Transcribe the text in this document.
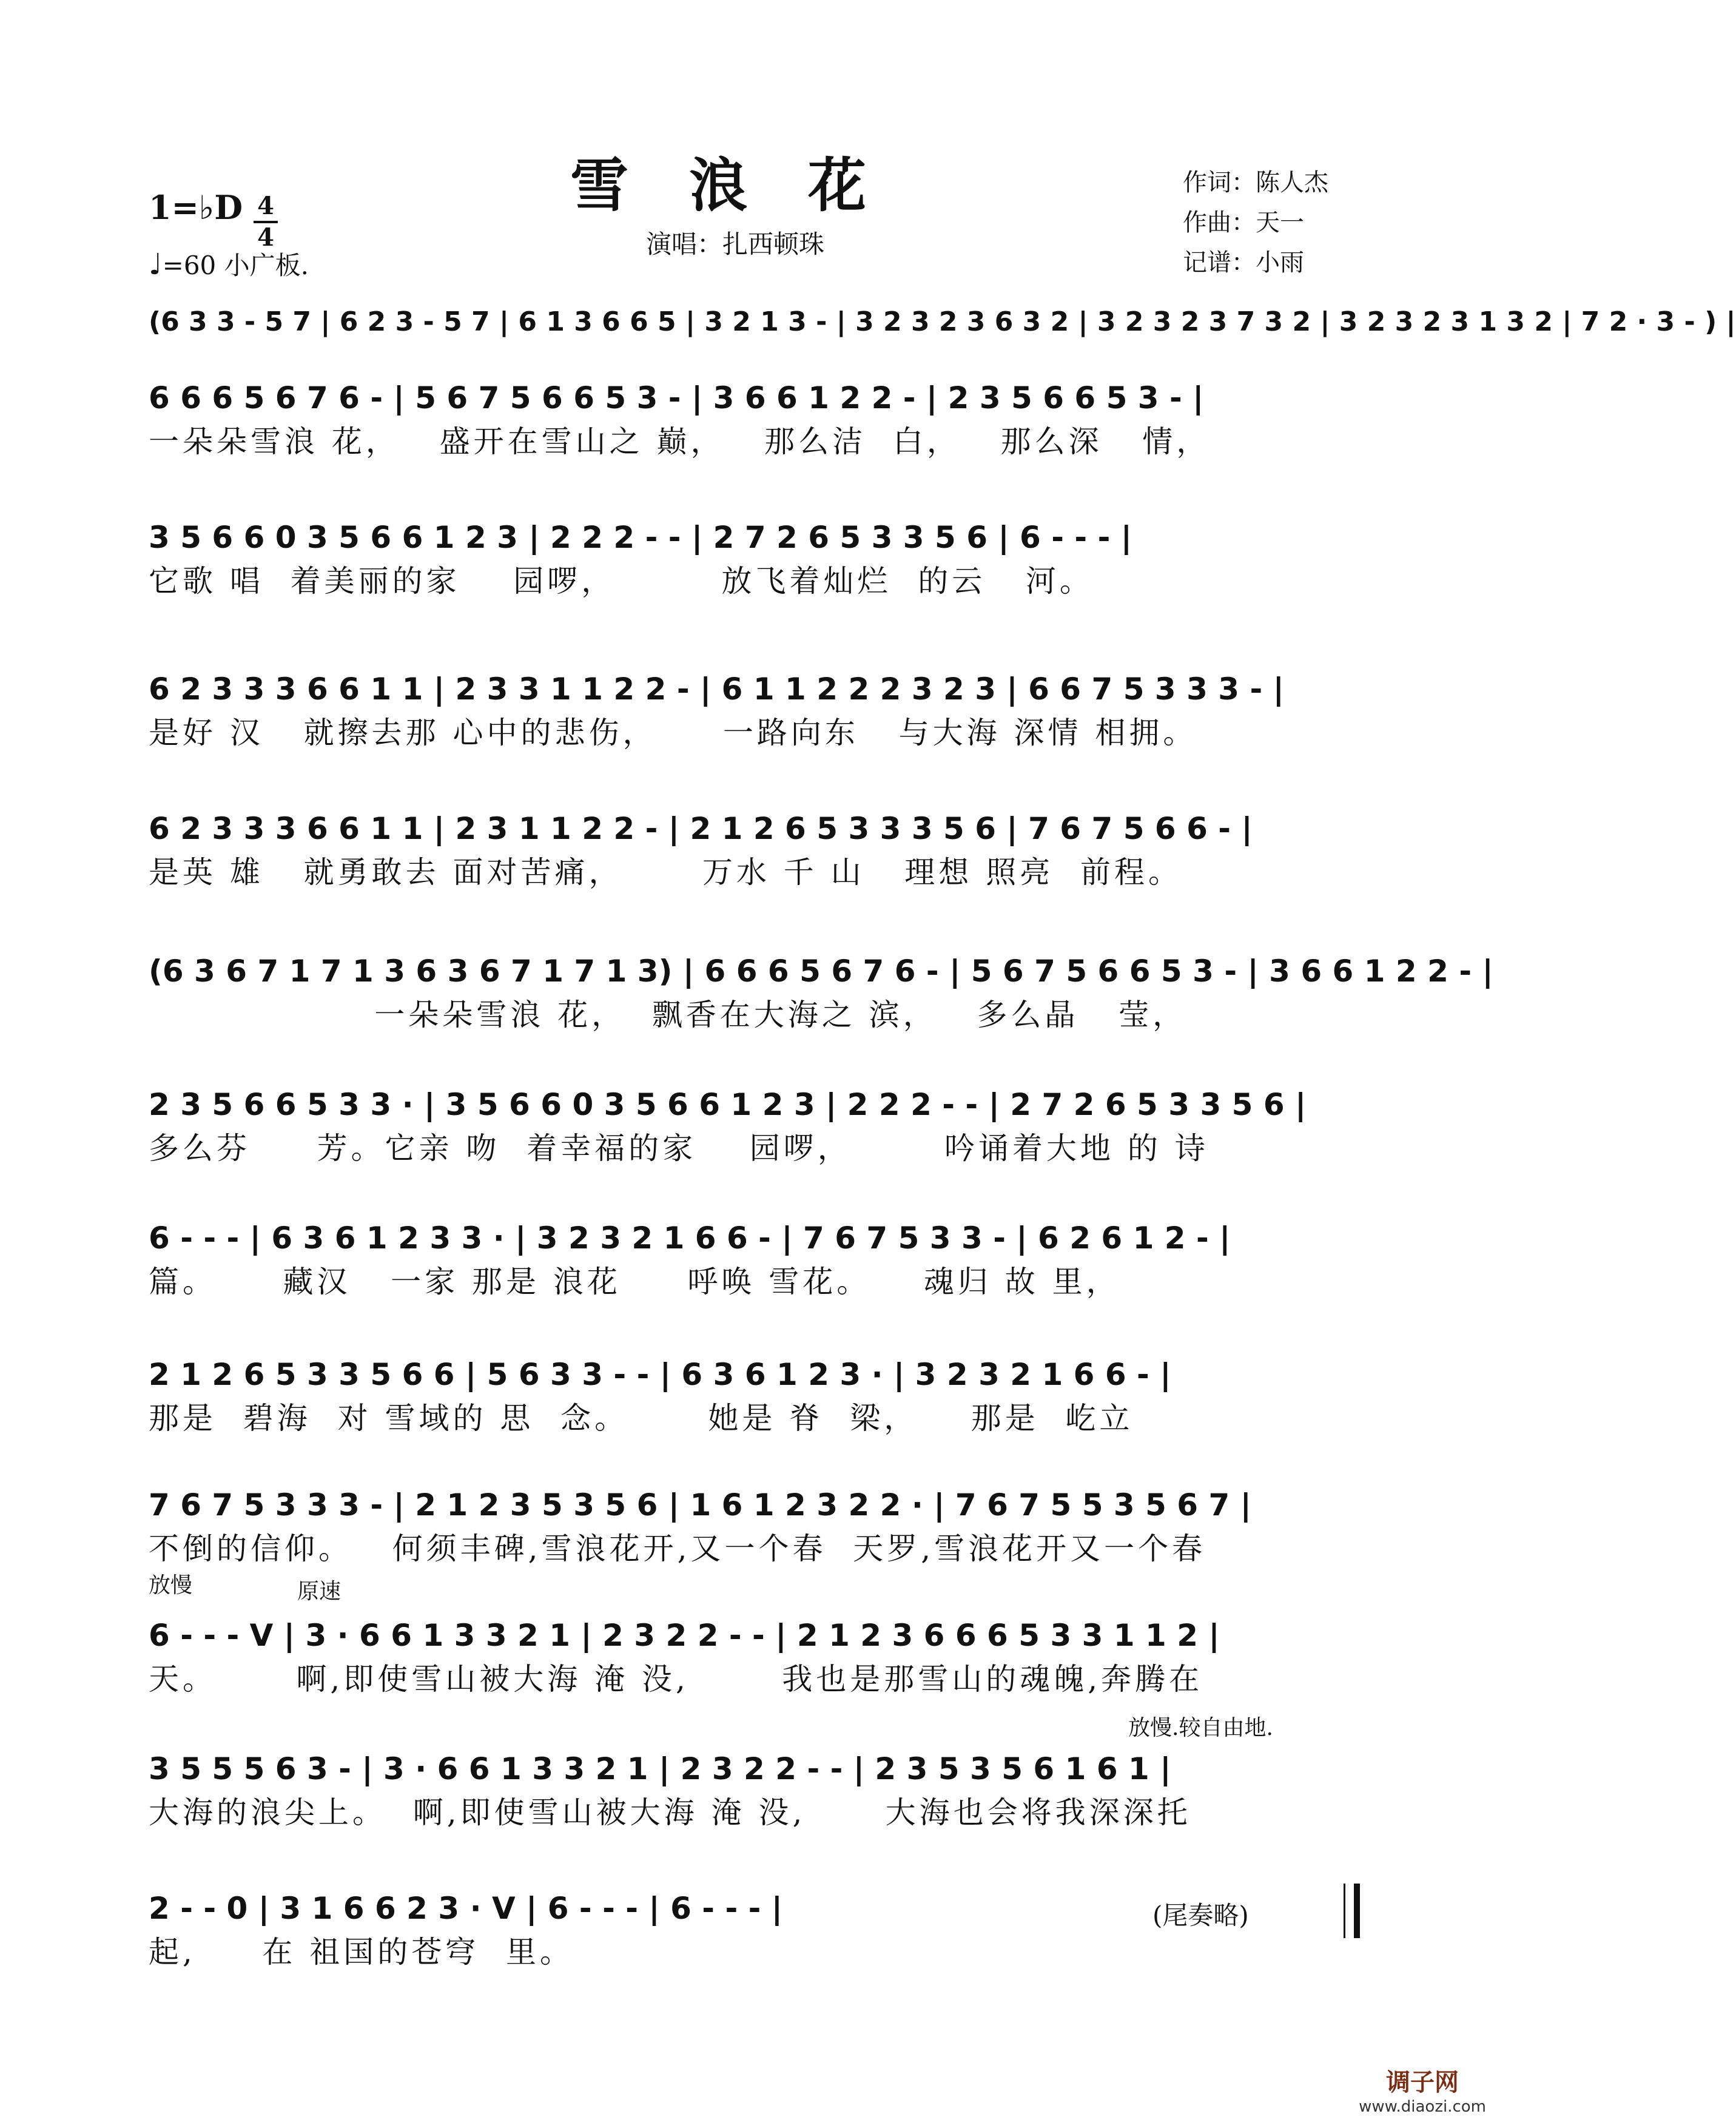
雪浪花
1=♭D 4
4
♩=60 小广板.
演唱：扎西顿珠
作词：陈人杰
作曲：天一
记谱：小雨
(6 3 3 - 5 7 | 6 2 3 - 5 7 | 6 1 3 6 6 5 | 3 2 1 3 - | 3 2 3 2 3 6 3 2 | 3 2 3 2 3 7 3 2 | 3 2 3 2 3 1 3 2 | 7 2 · 3 - ) |
6 6 6 5 6 7 6 - | 5 6 7 5 6 6 5 3 - | 3 6 6 1 2 2 - | 2 3 5 6 6 5 3 - |
一朵朵雪浪 花，   盛开在雪山之 巅，   那么洁  白，   那么深   情，
3 5 6 6 0 3 5 6 6 1 2 3 | 2 2 2 - - | 2 7 2 6 5 3 3 5 6 | 6 - - - |
它歌 唱  着美丽的家    园啰，        放飞着灿烂  的云   河。
6 2 3 3 3 6 6 1 1 | 2 3 3 1 1 2 2 - | 6 1 1 2 2 2 3 2 3 | 6 6 7 5 3 3 3 - |
是好 汉   就擦去那 心中的悲伤，     一路向东   与大海 深情 相拥。
6 2 3 3 3 6 6 1 1 | 2 3 1 1 2 2 - | 2 1 2 6 5 3 3 3 5 6 | 7 6 7 5 6 6 - |
是英 雄   就勇敢去 面对苦痛，      万水 千 山   理想 照亮  前程。
(6 3 6 7 1 7 1 3 6 3 6 7 1 7 1 3) | 6 6 6 5 6 7 6 - | 5 6 7 5 6 6 5 3 - | 3 6 6 1 2 2 - |
一朵朵雪浪 花，  飘香在大海之 滨，   多么晶   莹，
2 3 5 6 6 5 3 3 · | 3 5 6 6 0 3 5 6 6 1 2 3 | 2 2 2 - - | 2 7 2 6 5 3 3 5 6 |
多么芬     芳。它亲 吻  着幸福的家    园啰，       吟诵着大地 的 诗
6 - - - | 6 3 6 1 2 3 3 · | 3 2 3 2 1 6 6 - | 7 6 7 5 3 3 - | 6 2 6 1 2 - |
篇。     藏汉   一家 那是 浪花     呼唤 雪花。    魂归 故 里，
2 1 2 6 5 3 3 5 6 6 | 5 6 3 3 - - | 6 3 6 1 2 3 · | 3 2 3 2 1 6 6 - |
那是  碧海  对 雪域的 思  念。      她是 脊  梁，    那是  屹立
7 6 7 5 3 3 3 - | 2 1 2 3 5 3 5 6 | 1 6 1 2 3 2 2 · | 7 6 7 5 5 3 5 6 7 |
不倒的信仰。   何须丰碑,雪浪花开,又一个春  天罗,雪浪花开又一个春
放慢	原速
6 - - - V | 3 · 6 6 1 3 3 2 1 | 2 3 2 2 - - | 2 1 2 3 6 6 6 5 3 3 1 1 2 |
天。      啊,即使雪山被大海 淹 没,       我也是那雪山的魂魄,奔腾在
放慢.较自由地.
3 5 5 5 6 3 - | 3 · 6 6 1 3 3 2 1 | 2 3 2 2 - - | 2 3 5 3 5 6 1 6 1 |
大海的浪尖上。  啊,即使雪山被大海 淹 没,      大海也会将我深深托
2 - - 0 | 3 1 6 6 2 3 · V | 6 - - - | 6 - - - |
起,     在 祖国的苍穹  里。
(尾奏略)
调子网
www.diaozi.com
